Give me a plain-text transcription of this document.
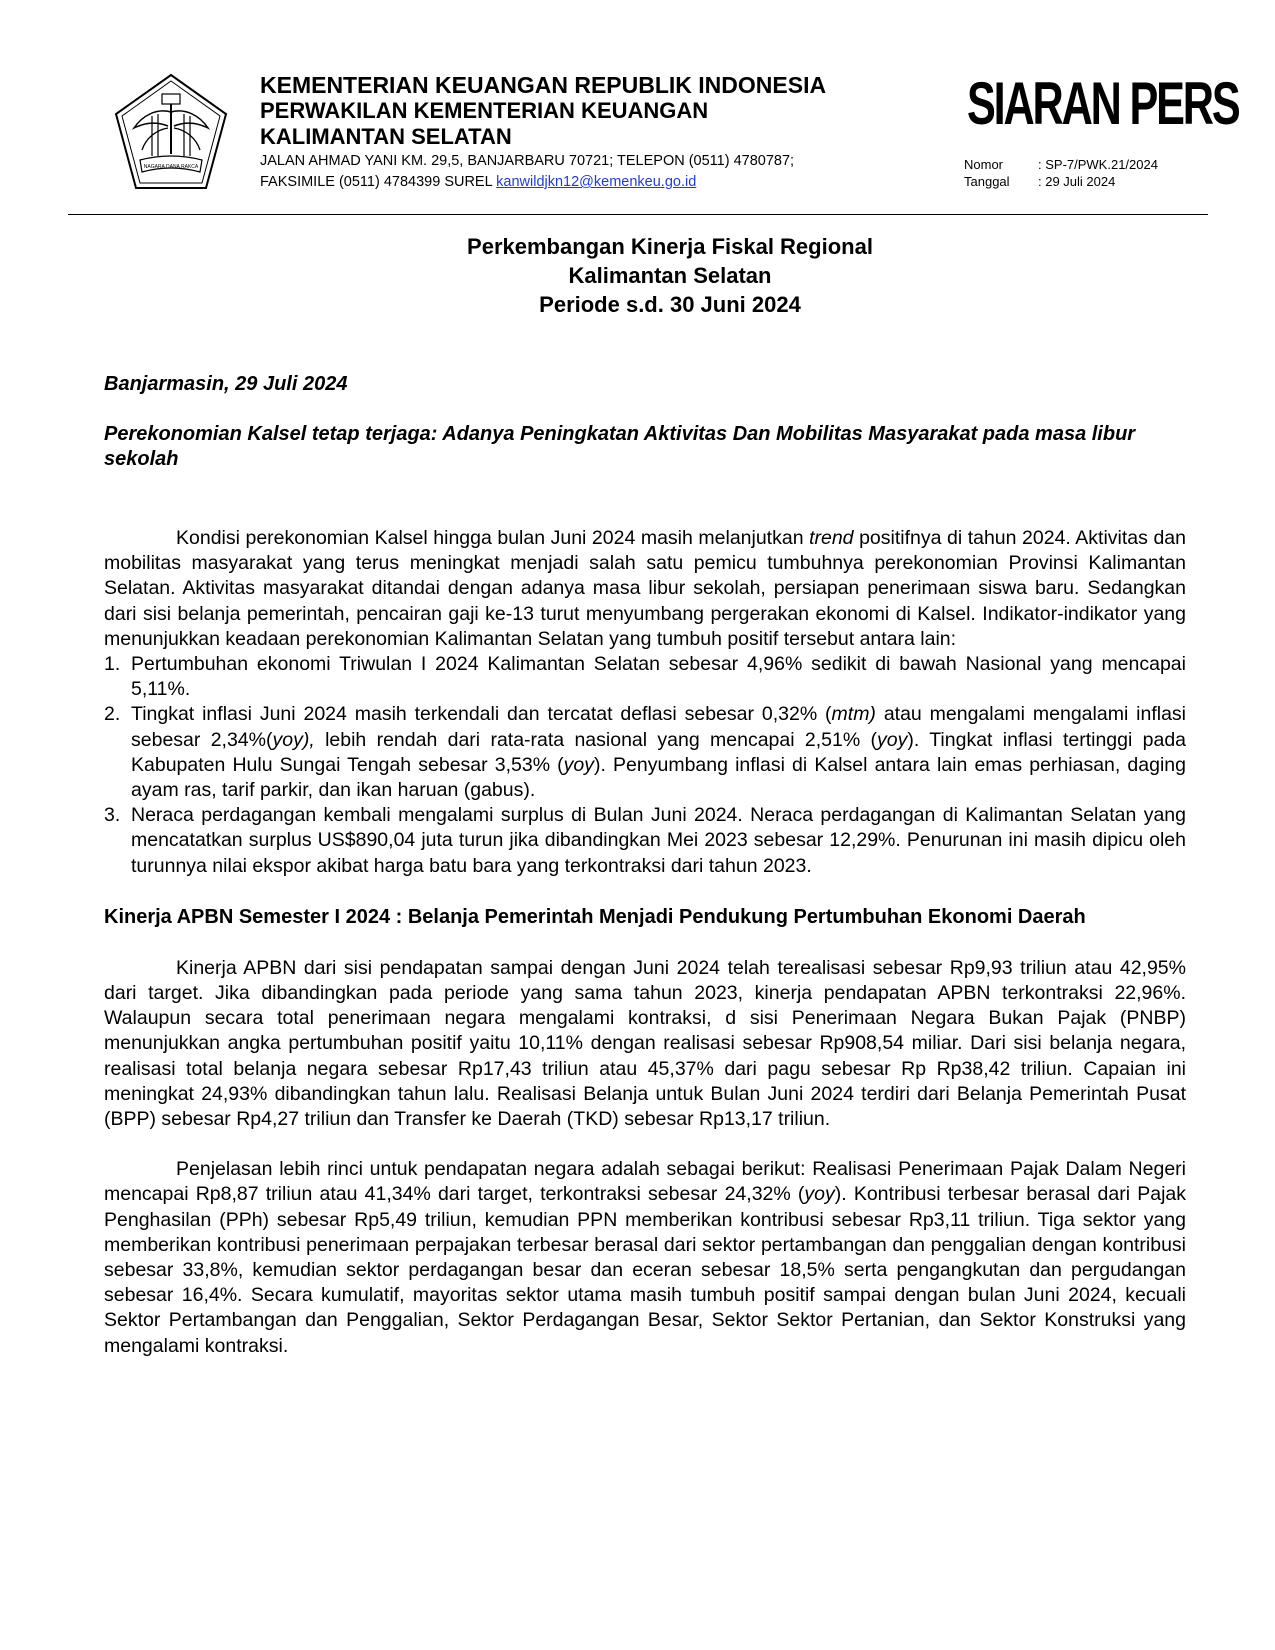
NAGARA DANA RAKCA
KEMENTERIAN KEUANGAN REPUBLIK INDONESIA
PERWAKILAN KEMENTERIAN KEUANGAN
KALIMANTAN SELATAN
JALAN AHMAD YANI KM. 29,5, BANJARBARU 70721; TELEPON (0511) 4780787;
FAKSIMILE (0511) 4784399 SUREL kanwildjkn12@kemenkeu.go.id
SIARAN PERS
Nomor	: SP-7/PWK.21/2024
Tanggal	: 29 Juli 2024
Perkembangan Kinerja Fiskal Regional
Kalimantan Selatan
Periode s.d. 30 Juni 2024
Banjarmasin, 29 Juli 2024
Perekonomian Kalsel tetap terjaga: Adanya Peningkatan Aktivitas Dan Mobilitas Masyarakat pada masa libur sekolah

Kondisi perekonomian Kalsel hingga bulan Juni 2024 masih melanjutkan trend positifnya di tahun 2024. Aktivitas dan mobilitas masyarakat yang terus meningkat menjadi salah satu pemicu tumbuhnya perekonomian Provinsi Kalimantan Selatan. Aktivitas masyarakat ditandai dengan adanya masa libur sekolah, persiapan penerimaan siswa baru. Sedangkan dari sisi belanja pemerintah, pencairan gaji ke-13 turut menyumbang pergerakan ekonomi di Kalsel. Indikator-indikator yang menunjukkan keadaan perekonomian Kalimantan Selatan yang tumbuh positif tersebut antara lain:

1. Pertumbuhan ekonomi Triwulan I 2024 Kalimantan Selatan sebesar 4,96% sedikit di bawah Nasional yang mencapai 5,11%.
2. Tingkat inflasi Juni 2024 masih terkendali dan tercatat deflasi sebesar 0,32% (mtm) atau mengalami mengalami inflasi sebesar 2,34%(yoy), lebih rendah dari rata-rata nasional yang mencapai 2,51% (yoy). Tingkat inflasi tertinggi pada Kabupaten Hulu Sungai Tengah sebesar 3,53% (yoy). Penyumbang inflasi di Kalsel antara lain emas perhiasan, daging ayam ras, tarif parkir, dan ikan haruan (gabus).
3. Neraca perdagangan kembali mengalami surplus di Bulan Juni 2024. Neraca perdagangan di Kalimantan Selatan yang mencatatkan surplus US$890,04 juta turun jika dibandingkan Mei 2023 sebesar 12,29%. Penurunan ini masih dipicu oleh turunnya nilai ekspor akibat harga batu bara yang terkontraksi dari tahun 2023.
Kinerja APBN Semester I 2024 : Belanja Pemerintah Menjadi Pendukung Pertumbuhan Ekonomi Daerah

Kinerja APBN dari sisi pendapatan sampai dengan Juni 2024 telah terealisasi sebesar Rp9,93 triliun atau 42,95% dari target. Jika dibandingkan pada periode yang sama tahun 2023, kinerja pendapatan APBN terkontraksi 22,96%. Walaupun secara total penerimaan negara mengalami kontraksi, d sisi Penerimaan Negara Bukan Pajak (PNBP) menunjukkan angka pertumbuhan positif yaitu 10,11% dengan realisasi sebesar Rp908,54 miliar. Dari sisi belanja negara, realisasi total belanja negara sebesar Rp17,43 triliun atau 45,37% dari pagu sebesar Rp Rp38,42 triliun. Capaian ini meningkat 24,93% dibandingkan tahun lalu. Realisasi Belanja untuk Bulan Juni 2024 terdiri dari Belanja Pemerintah Pusat (BPP) sebesar Rp4,27 triliun dan Transfer ke Daerah (TKD) sebesar Rp13,17 triliun.

Penjelasan lebih rinci untuk pendapatan negara adalah sebagai berikut: Realisasi Penerimaan Pajak Dalam Negeri mencapai Rp8,87 triliun atau 41,34% dari target, terkontraksi sebesar 24,32% (yoy). Kontribusi terbesar berasal dari Pajak Penghasilan (PPh) sebesar Rp5,49 triliun, kemudian PPN memberikan kontribusi sebesar Rp3,11 triliun. Tiga sektor yang memberikan kontribusi penerimaan perpajakan terbesar berasal dari sektor pertambangan dan penggalian dengan kontribusi sebesar 33,8%, kemudian sektor perdagangan besar dan eceran sebesar 18,5% serta pengangkutan dan pergudangan sebesar 16,4%. Secara kumulatif, mayoritas sektor utama masih tumbuh positif sampai dengan bulan Juni 2024, kecuali Sektor Pertambangan dan Penggalian, Sektor Perdagangan Besar, Sektor Sektor Pertanian, dan Sektor Konstruksi yang mengalami kontraksi.
